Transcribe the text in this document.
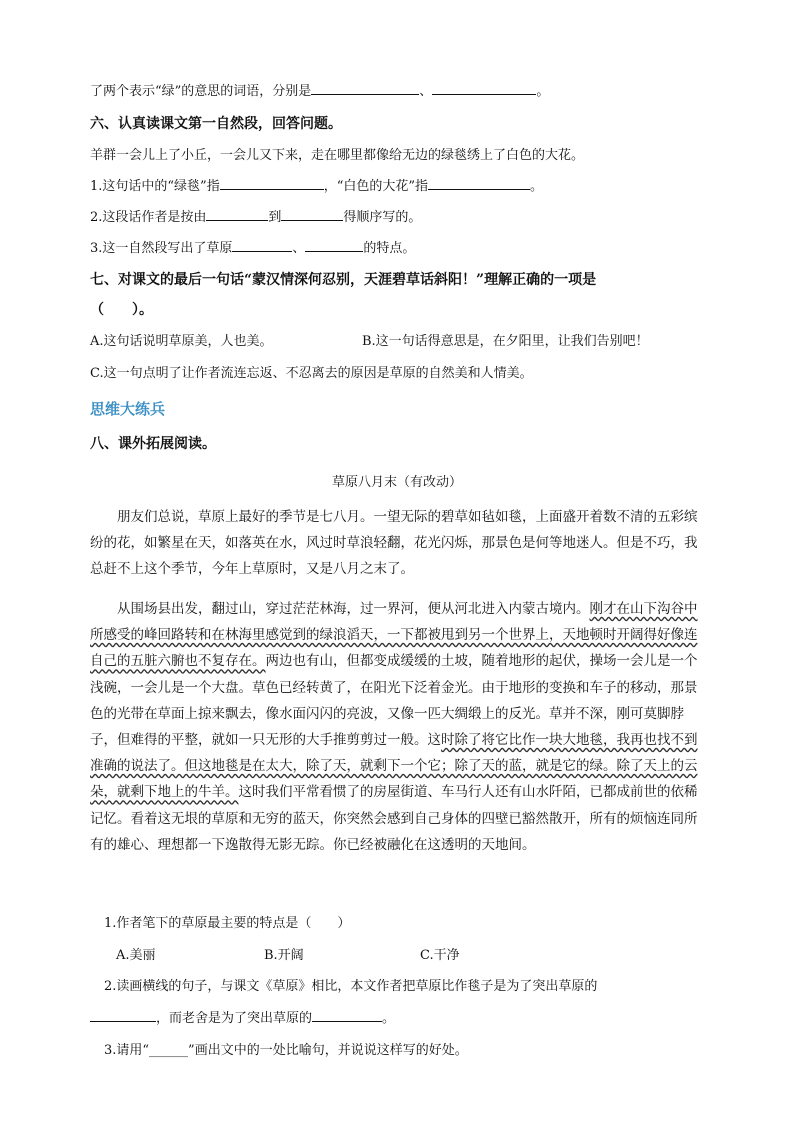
了两个表示“绿”的意思的词语，分别是	、	。
六、认真读课文第一自然段，回答问题。
羊群一会儿上了小丘，一会儿又下来，走在哪里都像给无边的绿毯绣上了白色的大花。
1.这句话中的“绿毯”指	，“白色的大花”指	。
2.这段话作者是按由	到	得顺序写的。
3.这一自然段写出了草原	、	的特点。
七、对课文的最后一句话“蒙汉情深何忍别，天涯碧草话斜阳！”理解正确的一项是
（　　）。
A.这句话说明草原美，人也美。	B.这一句话得意思是，在夕阳里，让我们告别吧！
C.这一句点明了让作者流连忘返、不忍离去的原因是草原的自然美和人情美。
思维大练兵
八、课外拓展阅读。
草原八月末（有改动）
朋友们总说，草原上最好的季节是七八月。一望无际的碧草如毡如毯，上面盛开着数不清的五彩缤纷的花，如繁星在天，如落英在水，风过时草浪轻翻，花光闪烁，那景色是何等地迷人。但是不巧，我总赶不上这个季节，今年上草原时，又是八月之末了。
从围场县出发，翻过山，穿过茫茫林海，过一界河，便从河北进入内蒙古境内。刚才在山下沟谷中所感受的峰回路转和在林海里感觉到的绿浪滔天，一下都被甩到另一个世界上，天地顿时开阔得好像连自己的五脏六腑也不复存在。两边也有山，但都变成缓缓的土坡，随着地形的起伏，操场一会儿是一个浅碗，一会儿是一个大盘。草色已经转黄了，在阳光下泛着金光。由于地形的变换和车子的移动，那景色的光带在草面上掠来飘去，像水面闪闪的亮波，又像一匹大绸缎上的反光。草并不深，刚可莫脚脖子，但难得的平整，就如一只无形的大手推剪剪过一般。这时除了将它比作一块大地毯，我再也找不到准确的说法了。但这地毯是在太大，除了天，就剩下一个它；除了天的蓝，就是它的绿。除了天上的云朵，就剩下地上的牛羊。这时我们平常看惯了的房屋街道、车马行人还有山水阡陌，已都成前世的依稀记忆。看着这无垠的草原和无穷的蓝天，你突然会感到自己身体的四壁已豁然散开，所有的烦恼连同所有的雄心、理想都一下逸散得无影无踪。你已经被融化在这透明的天地间。
1.作者笔下的草原最主要的特点是（　　）
A.美丽	B.开阔	C.干净
2.读画横线的句子，与课文《草原》相比，本文作者把草原比作毯子是为了突出草原的
，而老舍是为了突出草原的	。
3.请用“______”画出文中的一处比喻句，并说说这样写的好处。
